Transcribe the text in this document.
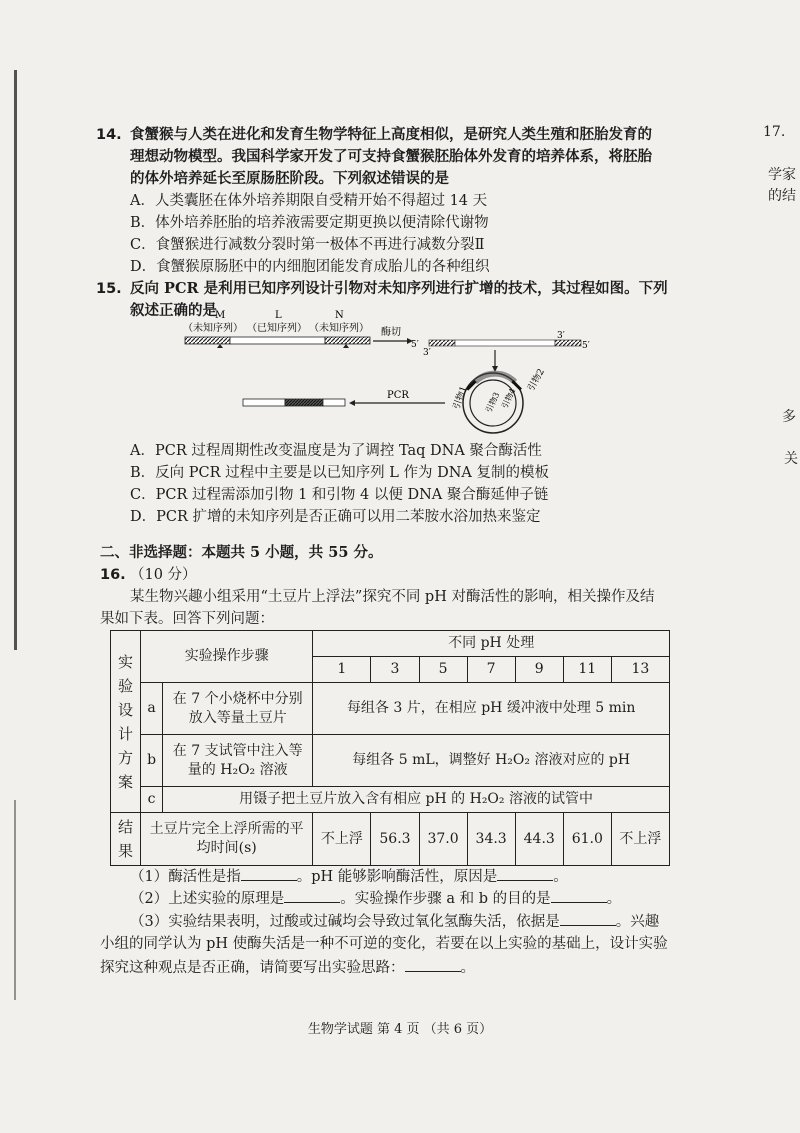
14. 食蟹猴与人类在进化和发育生物学特征上高度相似，是研究人类生殖和胚胎发育的
理想动物模型。我国科学家开发了可支持食蟹猴胚胎体外发育的培养体系，将胚胎
的体外培养延长至原肠胚阶段。下列叙述错误的是
A．人类囊胚在体外培养期限自受精开始不得超过 14 天
B．体外培养胚胎的培养液需要定期更换以便清除代谢物
C．食蟹猴进行减数分裂时第一极体不再进行减数分裂Ⅱ
D．食蟹猴原肠胚中的内细胞团能发育成胎儿的各种组织
15. 反向 PCR 是利用已知序列设计引物对未知序列进行扩增的技术，其过程如图。下列
叙述正确的是
M	L	N
（未知序列） （已知序列） （未知序列） 酶切
5′
3′
3′
5′
引物1
引物2
引物3
引物4
PCR
A．PCR 过程周期性改变温度是为了调控 Taq DNA 聚合酶活性
B．反向 PCR 过程中主要是以已知序列 L 作为 DNA 复制的模板
C．PCR 过程需添加引物 1 和引物 4 以便 DNA 聚合酶延伸子链
D．PCR 扩增的未知序列是否正确可以用二苯胺水浴加热来鉴定
二、非选择题：本题共 5 小题，共 55 分。
16. （10 分）
某生物兴趣小组采用“土豆片上浮法”探究不同 pH 对酶活性的影响，相关操作及结
果如下表。回答下列问题：
实验设计方案	实验操作步骤		不同 pH 处理						
			1	3	5	7	9	11	13
	a	在 7 个小烧杯中分别放入等量土豆片	每组各 3 片，在相应 pH 缓冲液中处理 5 min						
	b	在 7 支试管中注入等量的 H₂O₂ 溶液	每组各 5 mL，调整好 H₂O₂ 溶液对应的 pH						
	c	用镊子把土豆片放入含有相应 pH 的 H₂O₂ 溶液的试管中							

结果	土豆片完全上浮所需的平均时间(s)		不上浮	56.3	37.0	34.3	44.3	61.0	不上浮
（1）酶活性是指	。pH 能够影响酶活性，原因是	。
（2）上述实验的原理是	。实验操作步骤 a 和 b 的目的是	。
（3）实验结果表明，过酸或过碱均会导致过氧化氢酶失活，依据是	。兴趣
小组的同学认为 pH 使酶失活是一种不可逆的变化，若要在以上实验的基础上，设计实验
探究这种观点是否正确，请简要写出实验思路：	。
生物学试题 第 4 页 （共 6 页）
17.
学家
的结
多
关
